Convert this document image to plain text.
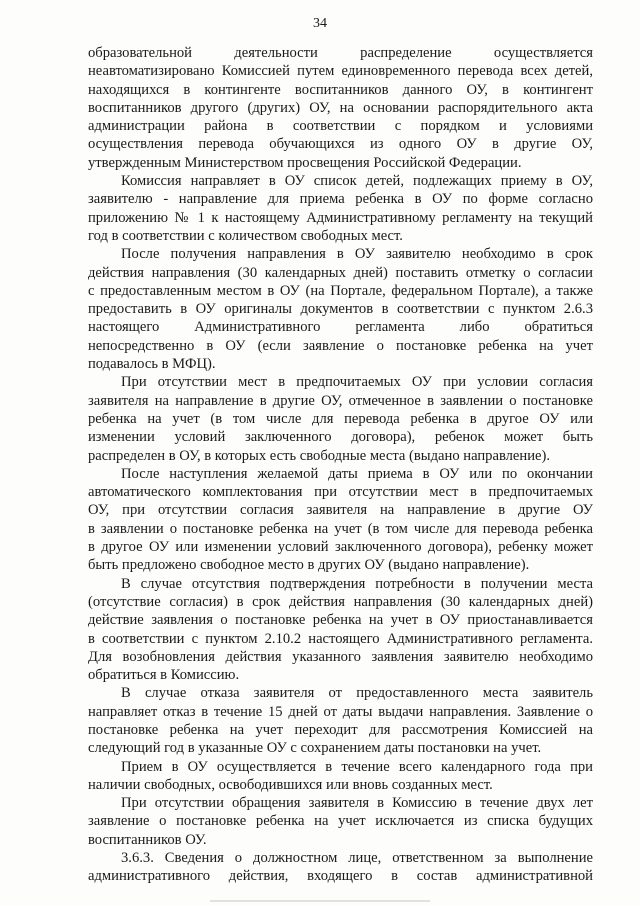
34
образовательной деятельности распределение осуществляется
неавтоматизировано Комиссией путем единовременного перевода всех детей,
находящихся в контингенте воспитанников данного ОУ, в контингент
воспитанников другого (других) ОУ, на основании распорядительного акта
администрации района в соответствии с порядком и условиями
осуществления перевода обучающихся из одного ОУ в другие ОУ,
утвержденным Министерством просвещения Российской Федерации.
Комиссия направляет в ОУ список детей, подлежащих приему в ОУ,
заявителю - направление для приема ребенка в ОУ по форме согласно
приложению № 1 к настоящему Административному регламенту на текущий
год в соответствии с количеством свободных мест.
После получения направления в ОУ заявителю необходимо в срок
действия направления (30 календарных дней) поставить отметку о согласии
с предоставленным местом в ОУ (на Портале, федеральном Портале), а также
предоставить в ОУ оригиналы документов в соответствии с пунктом 2.6.3
настоящего Административного регламента либо обратиться
непосредственно в ОУ (если заявление о постановке ребенка на учет
подавалось в МФЦ).
При отсутствии мест в предпочитаемых ОУ при условии согласия
заявителя на направление в другие ОУ, отмеченное в заявлении о постановке
ребенка на учет (в том числе для перевода ребенка в другое ОУ или
изменении условий заключенного договора), ребенок может быть
распределен в ОУ, в которых есть свободные места (выдано направление).
После наступления желаемой даты приема в ОУ или по окончании
автоматического комплектования при отсутствии мест в предпочитаемых
ОУ, при отсутствии согласия заявителя на направление в другие ОУ
в заявлении о постановке ребенка на учет (в том числе для перевода ребенка
в другое ОУ или изменении условий заключенного договора), ребенку может
быть предложено свободное место в других ОУ (выдано направление).
В случае отсутствия подтверждения потребности в получении места
(отсутствие согласия) в срок действия направления (30 календарных дней)
действие заявления о постановке ребенка на учет в ОУ приостанавливается
в соответствии с пунктом 2.10.2 настоящего Административного регламента.
Для возобновления действия указанного заявления заявителю необходимо
обратиться в Комиссию.
В случае отказа заявителя от предоставленного места заявитель
направляет отказ в течение 15 дней от даты выдачи направления. Заявление о
постановке ребенка на учет переходит для рассмотрения Комиссией на
следующий год в указанные ОУ с сохранением даты постановки на учет.
Прием в ОУ осуществляется в течение всего календарного года при
наличии свободных, освободившихся или вновь созданных мест.
При отсутствии обращения заявителя в Комиссию в течение двух лет
заявление о постановке ребенка на учет исключается из списка будущих
воспитанников ОУ.
3.6.3. Сведения о должностном лице, ответственном за выполнение
административного действия, входящего в состав административной
